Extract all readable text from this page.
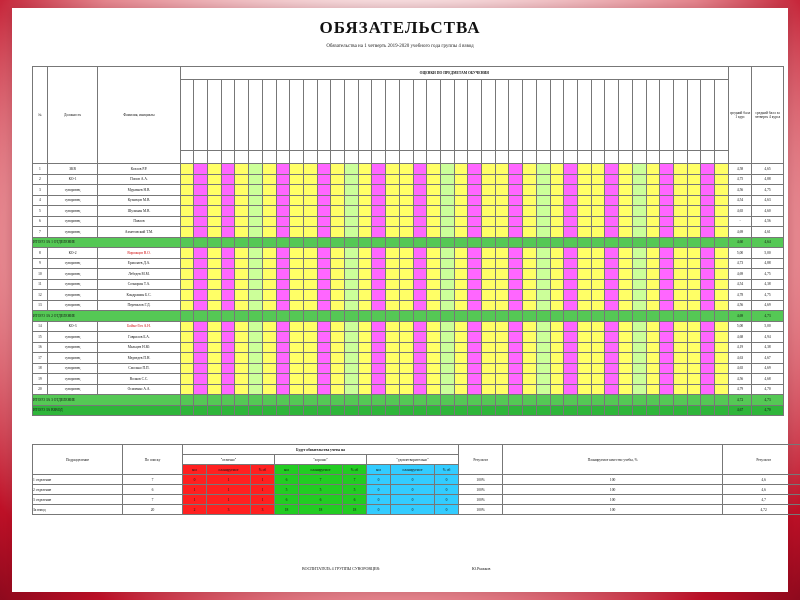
ОБЯЗАТЕЛЬСТВА
Обязательства на 1 четверть 2019-2020 учебного года группы 4 взвод
№	Должность	Фамилия, инициалы	ОЦЕНКИ ПО ПРЕДМЕТАМ ОБУЧЕНИЯ																																								средний балл 1 курс	средний балл за четверть 4 курса

1	ЗКВ	Козлов Р.Р.																																									4,58	4,65
2	КО-1	Попов А.А.																																									4,75	4,88
3	суворовец	Муравьев Н.В.																																									4,56	4,75
4	суворовец	Кузнецов М.В.																																									4,54	4,63
5	суворовец	Шульман М.В.																																									4,65	4,60
6	суворовец	Павлов																																									-	4,56
7	суворовец	Ахметовский Т.М.																																									4,69	4,61
ИТОГО ЗА 1 ОТДЕЛЕНИЕ																																											4,60	4,64
8	КО-2	Ворожцов В.О.																																									5,00	5,00
9	суворовец	Ермолаев Д.А.																																									4,73	4,88
10	суворовец	Лебедев М.М.																																									4,69	4,75
11	суворовец	Сочнорин Т.А.																																									4,54	4,38
12	суворовец	Кондрашин Б.С.																																									4,78	4,75
13	суворовец	Перевалов Г.Д.																																									4,56	4,69
ИТОГО ЗА 2 ОТДЕЛЕНИЕ																																											4,69	4,73
14	КО-3	Бойко-Гоч А.Н.																																									5,00	5,00
15	суворовец	Гаврилов Б.А.																																									4,68	4,94
16	суворовец	Мальцев Н.Ю.																																									4,19	4,38
17	суворовец	Медведев П.Н.																																									4,63	4,67
18	суворовец	Смолько П.П.																																									4,65	4,69
19	суворовец	Волков С.С.																																									4,56	4,68
20	суворовец	Осипенко А.А.																																									4,79	4,70
ИТОГО ЗА 3 ОТДЕЛЕНИЕ																																											4,72	4,73
ИТОГО ЗА ВЗВОД																																											4,67	4,70
Подразделение	По списку	Будут обязательства учеты на									Результат	Планируемое качество учебы, %	Результат
		"отлично"			"хорошо"			"удовлетворительно"					
		кол	планируемое	% об	кол	планируемое	% об	кол	планируемое	% об			
1 отделение	7	0	1	1	6	7	7	0	0	0	100%	100	4,6
2 отделение	6	1	1	1	5	5	5	0	0	0	100%	100	4,6
3 отделение	7	1	1	1	6	6	6	0	0	0	100%	100	4,7
За взвод	20	2	3	3	18	18	18	0	0	0	100%	100	4,72
ВОСПИТАТЕЛЬ 4 ГРУППЫ СУВОРОВЦЕВ:	Ю.Рыжков
